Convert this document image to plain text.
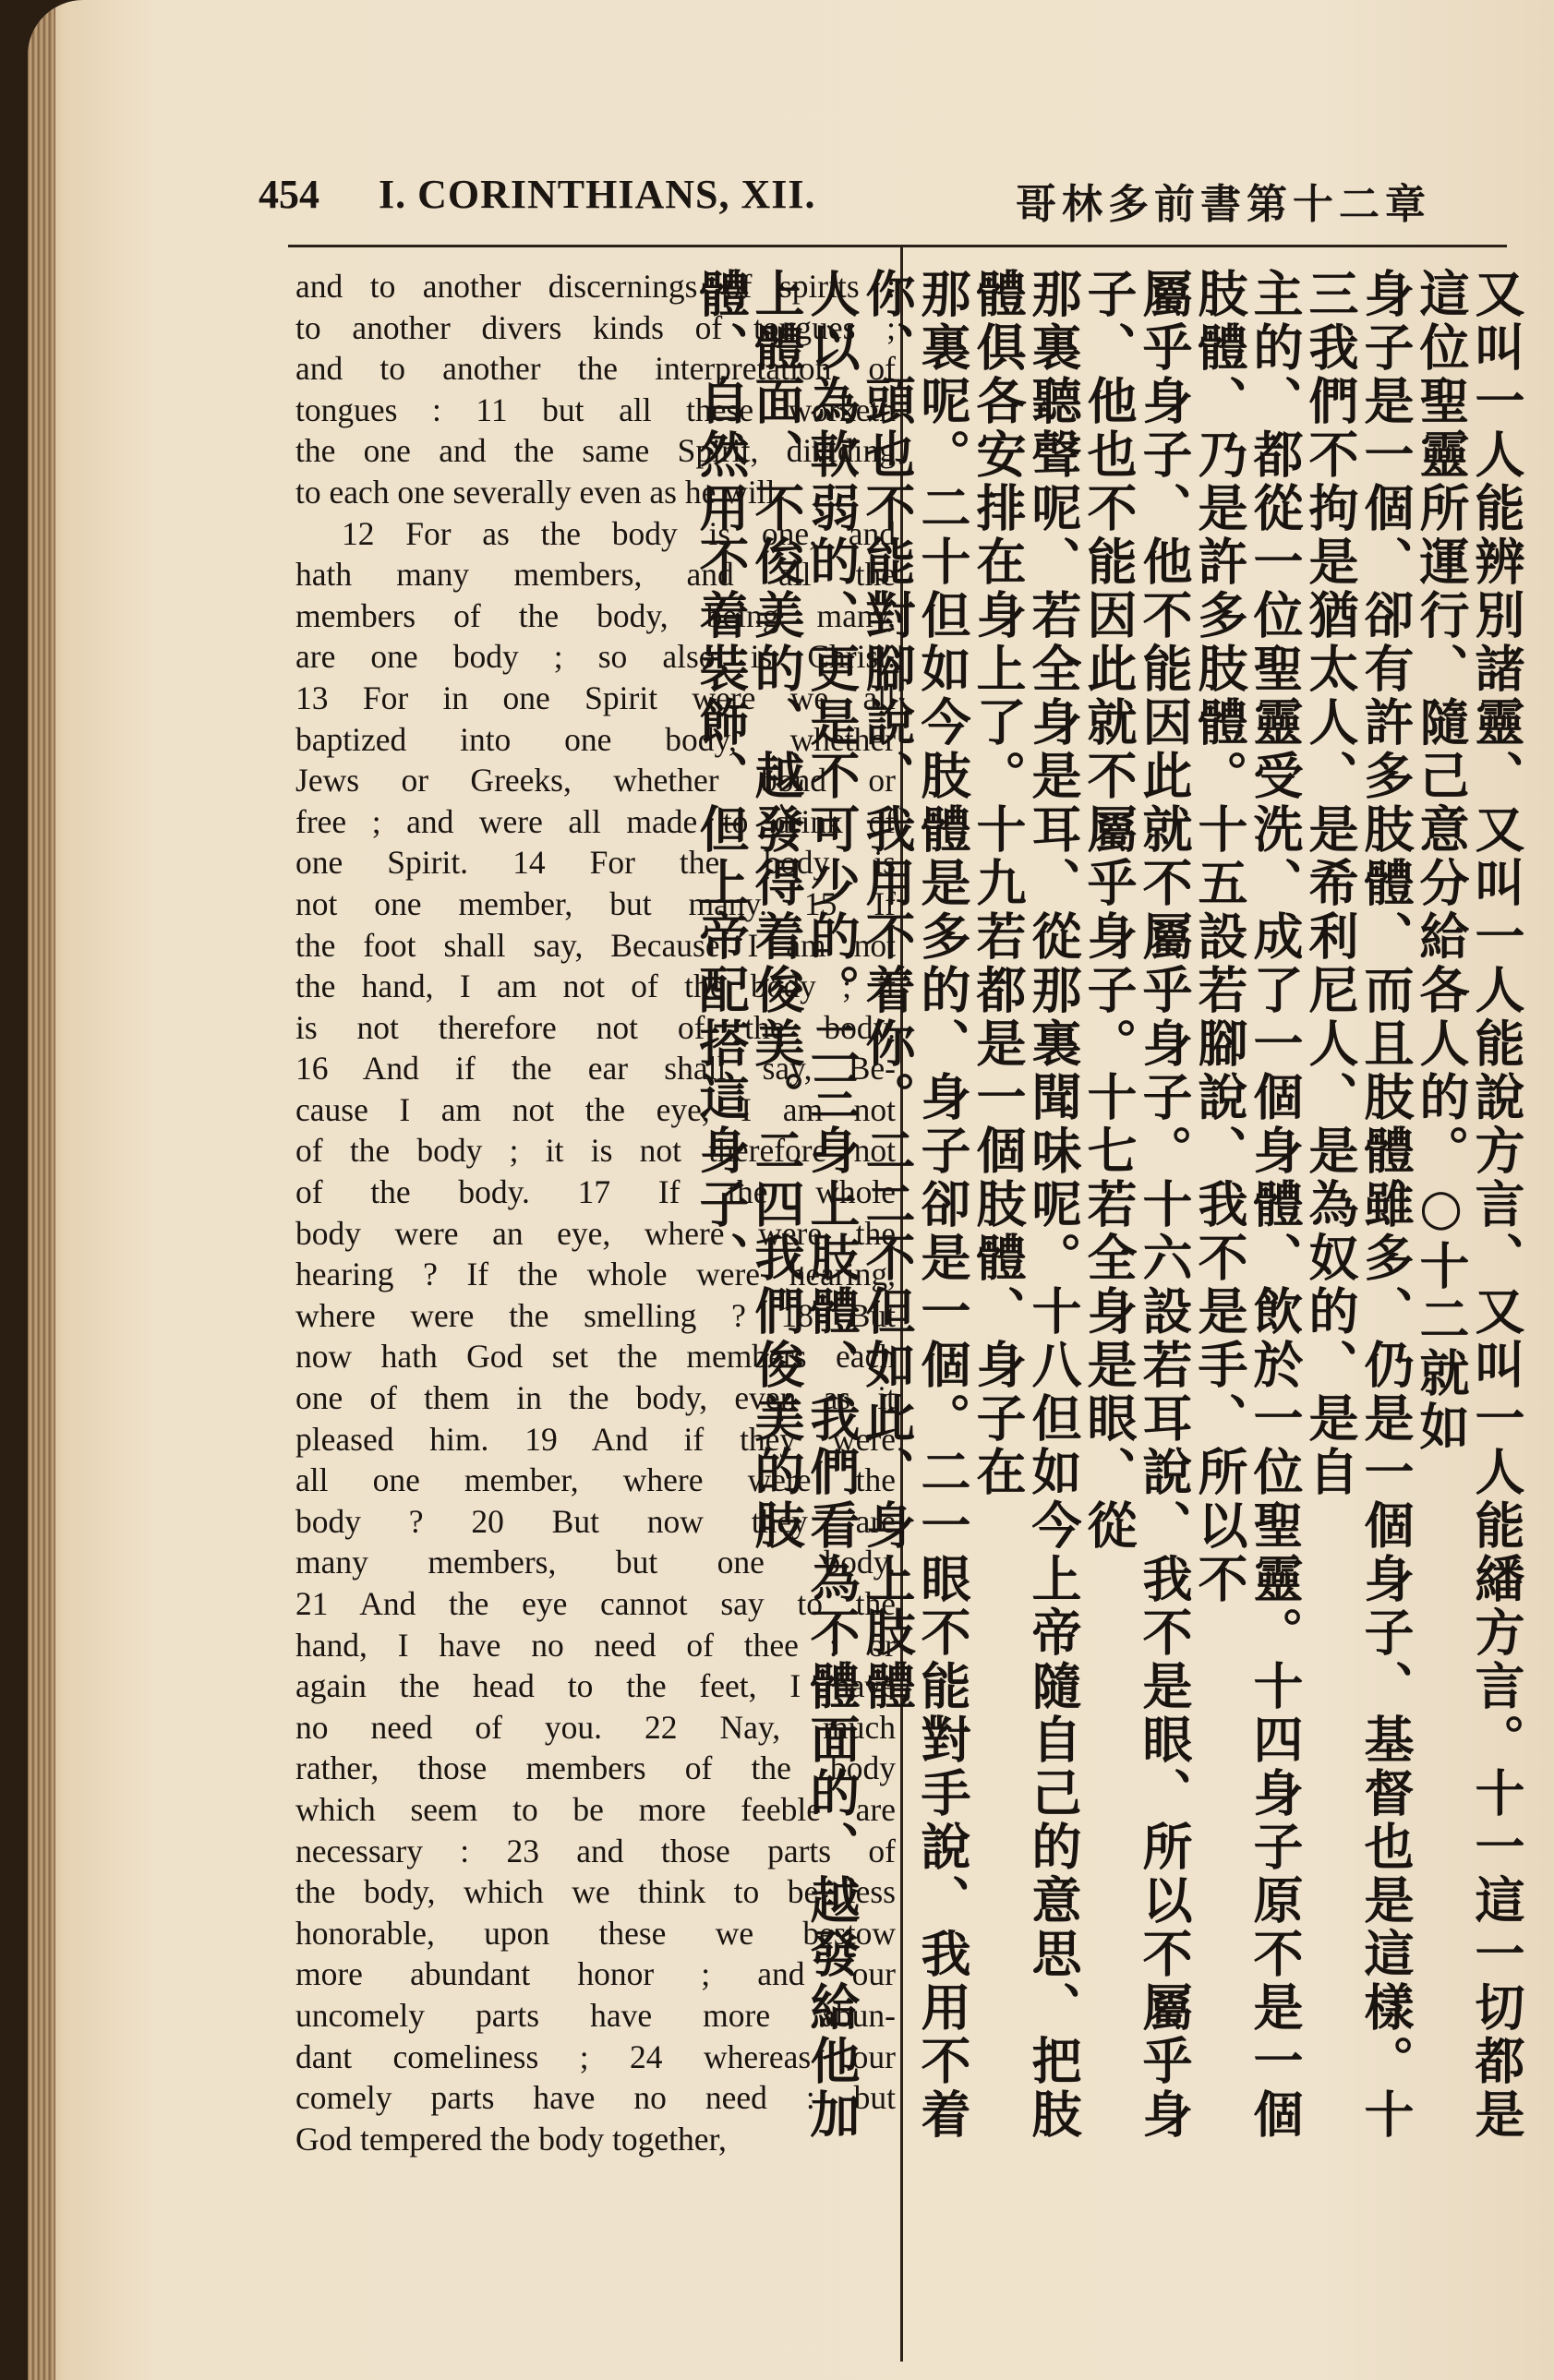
454 I. CORINTHIANS, XII.	哥林多前書第十二章
and to another discernings of spirits :
to another divers kinds of tongues ;
and to another the interpretation of
tongues : 11 but all these worketh
the one and the same Spirit, dividing
to each one severally even as he will.
12 For as the body is one, and
hath many members, and all the
members of the body, being many,
are one body ; so also is Christ.
13 For in one Spirit were we all
baptized into one body, whether
Jews or Greeks, whether bond or
free ; and were all made to drink of
one Spirit. 14 For the body is
not one member, but many. 15 If
the foot shall say, Because I am not
the hand, I am not of the body ; it
is not therefore not of the body.
16 And if the ear shall say, Be-
cause I am not the eye, I am not
of the body ; it is not therefore not
of the body. 17 If the whole
body were an eye, where were the
hearing ? If the whole were hearing,
where were the smelling ? 18 But
now hath God set the members each
one of them in the body, even as it
pleased him. 19 And if they were
all one member, where were the
body ? 20 But now they are
many members, but one body.
21 And the eye cannot say to the
hand, I have no need of thee : or
again the head to the feet, I have
no need of you. 22 Nay, much
rather, those members of the body
which seem to be more feeble are
necessary : 23 and those parts of
the body, which we think to be less
honorable, upon these we bestow
more abundant honor ; and our
uncomely parts have more abun-
dant comeliness ; 24 whereas our
comely parts have no need : but
God tempered the body together,	又叫一人能辨別諸靈、又叫一人能說方言、又叫一人能繙方言。十一這一切都是這位聖靈所運行、隨己意分給各人的。○十二就如
身子是一個、卻有許多肢體、而且肢體雖多、仍是一個身子、基督也是這樣。十三我們不拘是猶太人、是希利尼人、是為奴的、是自
主的、都從一位聖靈受洗、成了一個身體、飲於一位聖靈。十四身子原不是一個肢體、乃是許多肢體。十五設若腳說、我不是手、所以不
屬乎身子、他不能因此就不屬乎身子。十六設若耳說、我不是眼、所以不屬乎身子、他也不能因此就不屬乎身子。十七若全身是眼、從
那裏聽聲呢、若全身是耳、從那裏聞味呢。十八但如今上帝隨自己的意思、把肢體俱各安排在身上了。十九若都是一個肢體、身子在
那裏呢。二十但如今肢體是多的、身子卻是一個。二一眼不能對手說、我用不着你、頭也不能對腳說、我用不着你。二二不但如此、身上肢體
人以為軟弱的、更是不可少的。二三身上肢體、我們看為不體面的、越發給他加上體面、不俊美的、越發得着俊美。二四我們俊美的肢
體、自然用不着裝飾、但上帝配搭這身子、
